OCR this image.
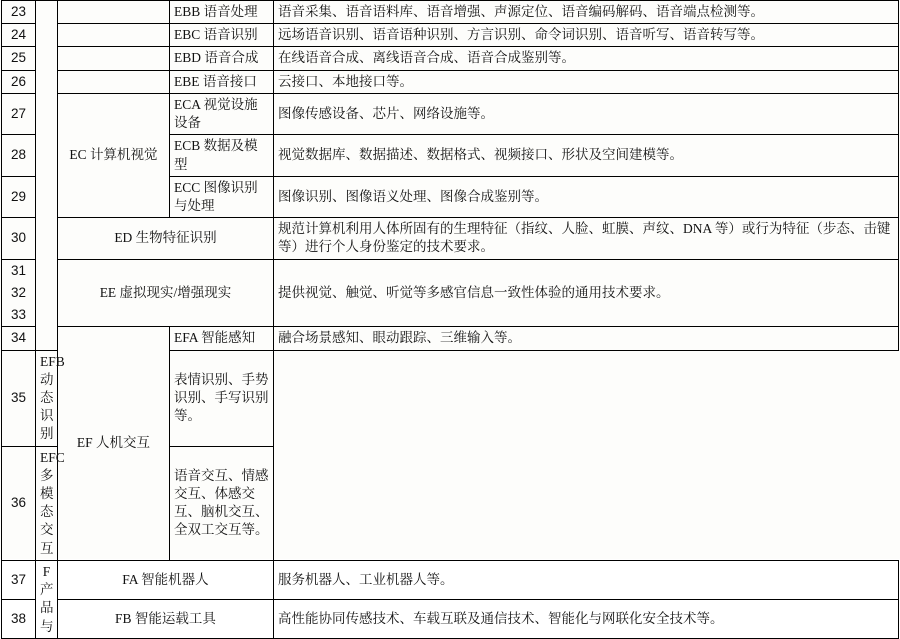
23			EBB 语音处理	语音采集、语音语料库、语音增强、声源定位、语音编码解码、语音端点检测等。
24			EBC 语音识别	远场语音识别、语音语种识别、方言识别、命令词识别、语音听写、语音转写等。
25			EBD 语音合成	在线语音合成、离线语音合成、语音合成鉴别等。
26			EBE 语音接口	云接口、本地接口等。
27		EC 计算机视觉	ECA 视觉设施设备	图像传感设备、芯片、网络设施等。
28			ECB 数据及模型	视觉数据库、数据描述、数据格式、视频接口、形状及空间建模等。
29			ECC 图像识别与处理	图像识别、图像语义处理、图像合成鉴别等。
30		ED 生物特征识别		规范计算机利用人体所固有的生理特征（指纹、人脸、虹膜、声纹、DNA 等）或行为特征（步态、击键等）进行个人身份鉴定的技术要求。
31		EE 虚拟现实/增强现实		提供视觉、触觉、听觉等多感官信息一致性体验的通用技术要求。
32				
33				
34		EF 人机交互	EFA 智能感知	融合场景感知、眼动跟踪、三维输入等。
35	EFB 动态识别		表情识别、手势识别、手写识别等。	
36	EFC 多模态交互		语音交互、情感交互、体感交互、脑机交互、全双工交互等。	
37	F 产 品 与	FA 智能机器人		服务机器人、工业机器人等。
38		FB 智能运载工具		高性能协同传感技术、车载互联及通信技术、智能化与网联化安全技术等。
